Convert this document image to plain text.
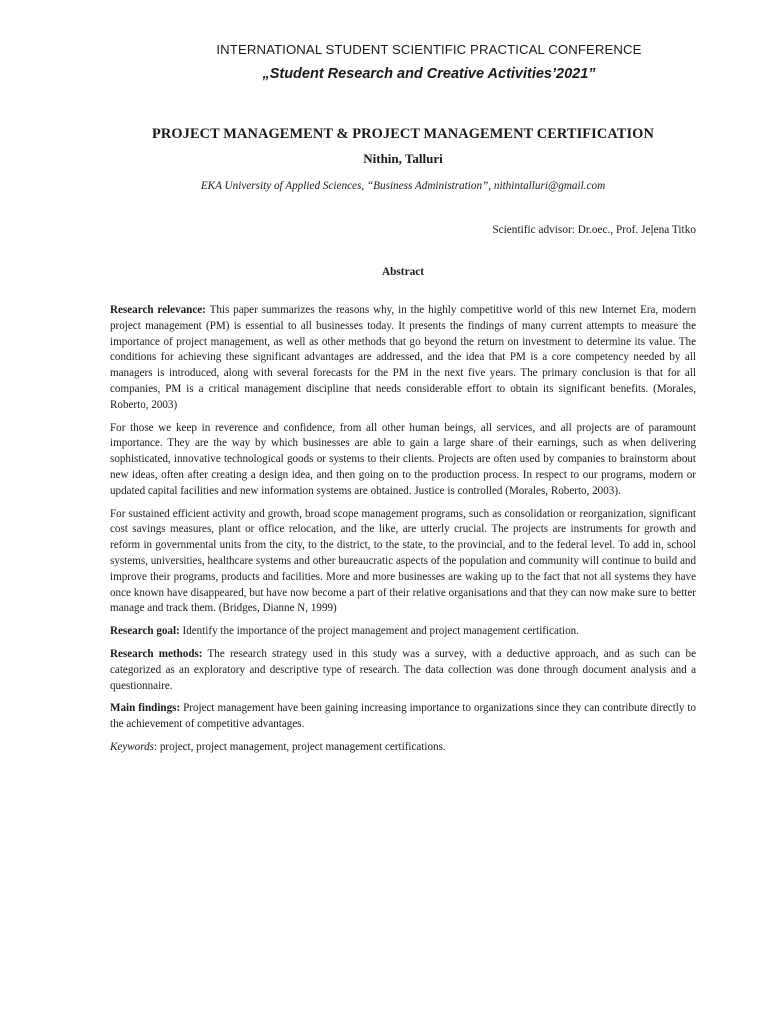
INTERNATIONAL STUDENT SCIENTIFIC PRACTICAL CONFERENCE

„Student Research and Creative Activities’2021”

PROJECT MANAGEMENT & PROJECT MANAGEMENT CERTIFICATION

Nithin, Talluri

EKA University of Applied Sciences, “Business Administration”, nithintalluri@gmail.com

Scientific advisor: Dr.oec., Prof. Jeļena Titko

Abstract

Research relevance: This paper summarizes the reasons why, in the highly competitive world of this new Internet Era, modern project management (PM) is essential to all businesses today. It presents the findings of many current attempts to measure the importance of project management, as well as other methods that go beyond the return on investment to determine its value. The conditions for achieving these significant advantages are addressed, and the idea that PM is a core competency needed by all managers is introduced, along with several forecasts for the PM in the next five years. The primary conclusion is that for all companies, PM is a critical management discipline that needs considerable effort to obtain its significant benefits. (Morales, Roberto, 2003)

For those we keep in reverence and confidence, from all other human beings, all services, and all projects are of paramount importance. They are the way by which businesses are able to gain a large share of their earnings, such as when delivering sophisticated, innovative technological goods or systems to their clients. Projects are often used by companies to brainstorm about new ideas, often after creating a design idea, and then going on to the production process. In respect to our programs, modern or updated capital facilities and new information systems are obtained. Justice is controlled (Morales, Roberto, 2003).

For sustained efficient activity and growth, broad scope management programs, such as consolidation or reorganization, significant cost savings measures, plant or office relocation, and the like, are utterly crucial. The projects are instruments for growth and reform in governmental units from the city, to the district, to the state, to the provincial, and to the federal level. To add in, school systems, universities, healthcare systems and other bureaucratic aspects of the population and community will continue to build and improve their programs, products and facilities. More and more businesses are waking up to the fact that not all systems they have once known have disappeared, but have now become a part of their relative organisations and that they can now make sure to better manage and track them. (Bridges, Dianne N, 1999)

Research goal: Identify the importance of the project management and project management certification.

Research methods: The research strategy used in this study was a survey, with a deductive approach, and as such can be categorized as an exploratory and descriptive type of research. The data collection was done through document analysis and a questionnaire.

Main findings: Project management have been gaining increasing importance to organizations since they can contribute directly to the achievement of competitive advantages.

Keywords: project, project management, project management certifications.
